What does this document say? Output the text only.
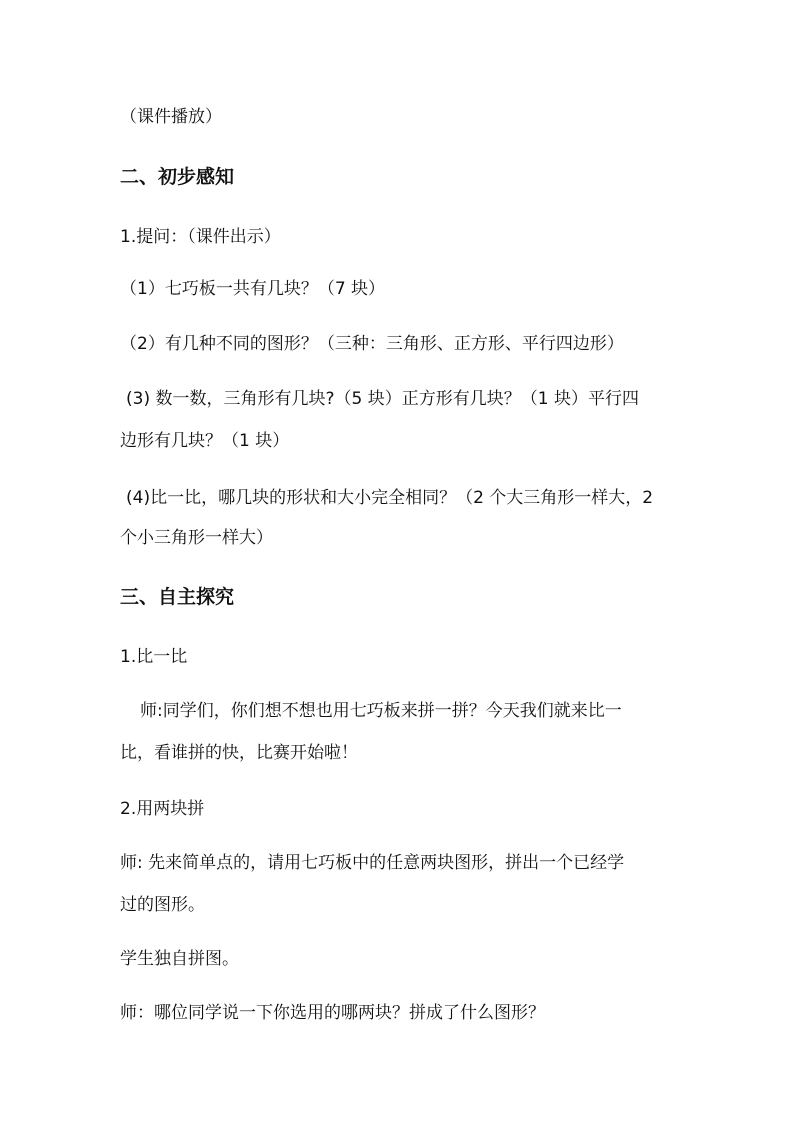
（课件播放）
二、初步感知
1.提问：（课件出示）
（1）七巧板一共有几块？（7 块）
（2）有几种不同的图形？（三种：三角形、正方形、平行四边形）
(3) 数一数，三角形有几块?（5 块）正方形有几块？（1 块）平行四
边形有几块？（1 块）
(4)比一比，哪几块的形状和大小完全相同？（2 个大三角形一样大，2
个小三角形一样大）
三、自主探究
1.比一比
师:同学们，你们想不想也用七巧板来拼一拼？今天我们就来比一
比，看谁拼的快，比赛开始啦！
2.用两块拼
师: 先来简单点的，请用七巧板中的任意两块图形，拼出一个已经学
过的图形。
学生独自拼图。
师：哪位同学说一下你选用的哪两块？拼成了什么图形？
